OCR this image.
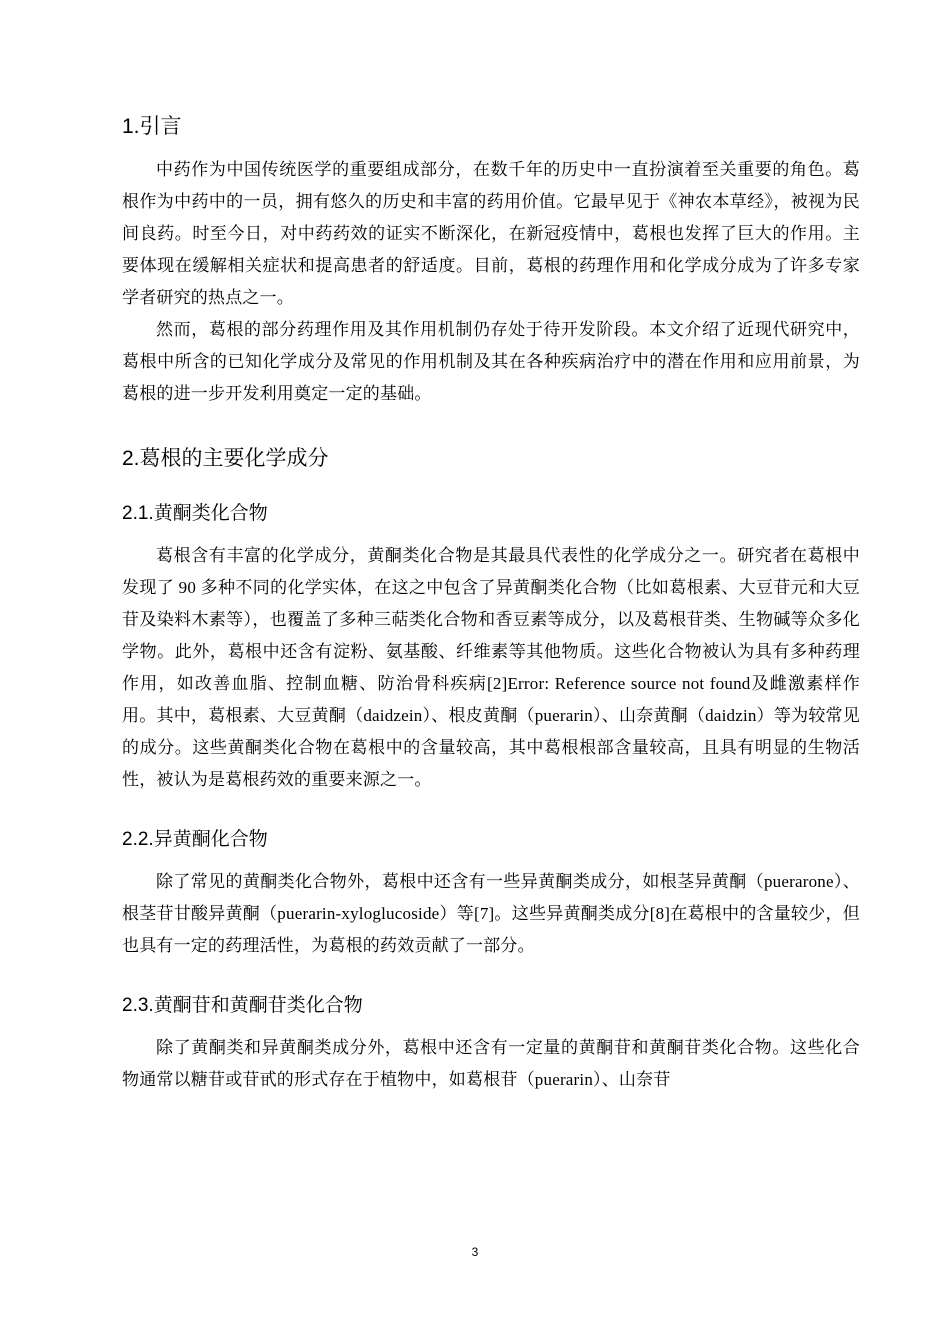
1.引言

中药作为中国传统医学的重要组成部分，在数千年的历史中一直扮演着至关重要的角色。葛根作为中药中的一员，拥有悠久的历史和丰富的药用价值。它最早见于《神农本草经》，被视为民间良药。时至今日，对中药药效的证实不断深化，在新冠疫情中，葛根也发挥了巨大的作用。主要体现在缓解相关症状和提高患者的舒适度。目前，葛根的药理作用和化学成分成为了许多专家学者研究的热点之一。

然而，葛根的部分药理作用及其作用机制仍存处于待开发阶段。本文介绍了近现代研究中，葛根中所含的已知化学成分及常见的作用机制及其在各种疾病治疗中的潜在作用和应用前景，为葛根的进一步开发利用奠定一定的基础。

2.葛根的主要化学成分
2.1.黄酮类化合物

葛根含有丰富的化学成分，黄酮类化合物是其最具代表性的化学成分之一。研究者在葛根中发现了 90 多种不同的化学实体，在这之中包含了异黄酮类化合物（比如葛根素、大豆苷元和大豆苷及染料木素等），也覆盖了多种三萜类化合物和香豆素等成分，以及葛根苷类、生物碱等众多化学物。此外，葛根中还含有淀粉、氨基酸、纤维素等其他物质。这些化合物被认为具有多种药理作用，如改善血脂、控制血糖、防治骨科疾病[2]Error: Reference source not found及雌激素样作用。其中，葛根素、大豆黄酮（daidzein）、根皮黄酮（puerarin）、山奈黄酮（daidzin）等为较常见的成分。这些黄酮类化合物在葛根中的含量较高，其中葛根根部含量较高，且具有明显的生物活性，被认为是葛根药效的重要来源之一。

2.2.异黄酮化合物

除了常见的黄酮类化合物外，葛根中还含有一些异黄酮类成分，如根茎异黄酮（puerarone）、根茎苷甘酸异黄酮（puerarin-xyloglucoside）等[7]。这些异黄酮类成分[8]在葛根中的含量较少，但也具有一定的药理活性，为葛根的药效贡献了一部分。

2.3.黄酮苷和黄酮苷类化合物

除了黄酮类和异黄酮类成分外，葛根中还含有一定量的黄酮苷和黄酮苷类化合物。这些化合物通常以糖苷或苷甙的形式存在于植物中，如葛根苷（puerarin）、山奈苷

3
